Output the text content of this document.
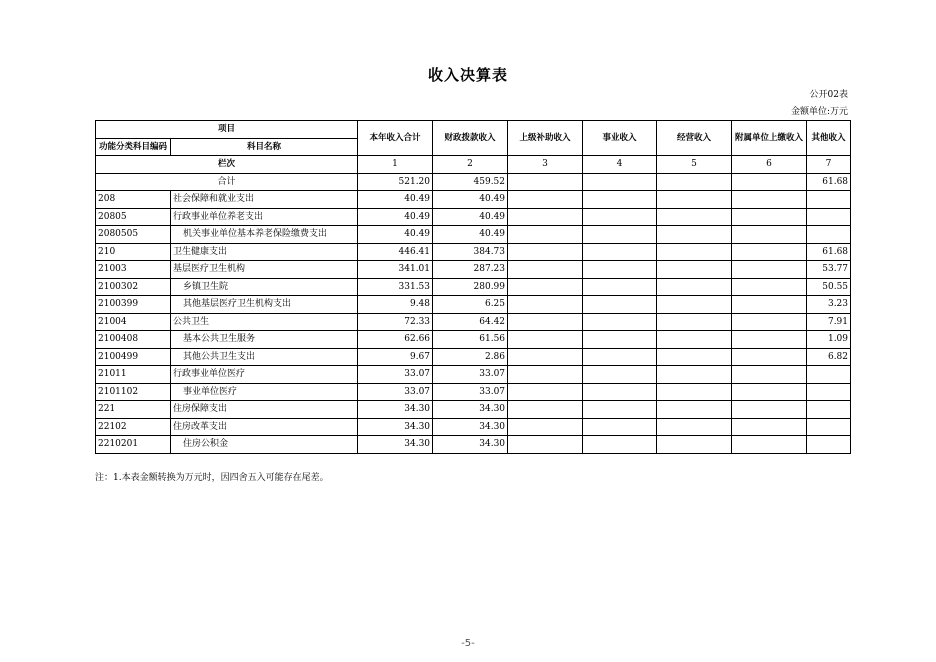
收入决算表
公开02表
金额单位:万元
项目		本年收入合计	财政拨款收入	上级补助收入	事业收入	经营收入	附属单位上缴收入	其他收入
功能分类科目编码	科目名称							
栏次		1	2	3	4	5	6	7
合计		521.20	459.52					61.68
208	社会保障和就业支出	40.49	40.49					
20805	行政事业单位养老支出	40.49	40.49					
2080505	机关事业单位基本养老保险缴费支出	40.49	40.49					
210	卫生健康支出	446.41	384.73					61.68
21003	基层医疗卫生机构	341.01	287.23					53.77
2100302	乡镇卫生院	331.53	280.99					50.55
2100399	其他基层医疗卫生机构支出	9.48	6.25					3.23
21004	公共卫生	72.33	64.42					7.91
2100408	基本公共卫生服务	62.66	61.56					1.09
2100499	其他公共卫生支出	9.67	2.86					6.82
21011	行政事业单位医疗	33.07	33.07					
2101102	事业单位医疗	33.07	33.07					
221	住房保障支出	34.30	34.30					
22102	住房改革支出	34.30	34.30					
2210201	住房公积金	34.30	34.30					
注：1.本表金额转换为万元时，因四舍五入可能存在尾差。
-5-
